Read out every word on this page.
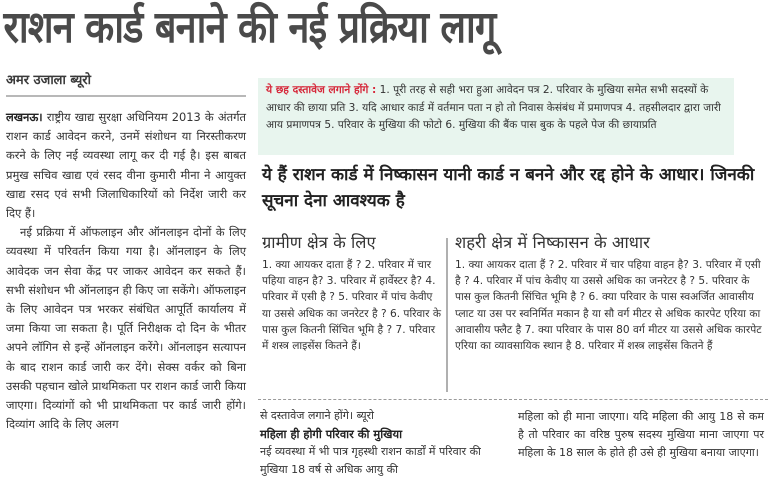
राशन कार्ड बनाने की नई प्रक्रिया लागू
अमर उजाला ब्यूरो

लखनऊ। राष्ट्रीय खाद्य सुरक्षा अधिनियम 2013 के अंतर्गत राशन कार्ड आवेदन करने, उनमें संशोधन या निरस्तीकरण करने के लिए नई व्यवस्था लागू कर दी गई है। इस बाबत प्रमुख सचिव खाद्य एवं रसद वीना कुमारी मीना ने आयुक्त खाद्य रसद एवं सभी जिलाधिकारियों को निर्देश जारी कर दिए हैं।

नई प्रक्रिया में ऑफलाइन और ऑनलाइन दोनों के लिए व्यवस्था में परिवर्तन किया गया है। ऑनलाइन के लिए आवेदक जन सेवा केंद्र पर जाकर आवेदन कर सकते हैं। सभी संशोधन भी ऑनलाइन ही किए जा सकेंगे। ऑफलाइन के लिए आवेदन पत्र भरकर संबंधित आपूर्ति कार्यालय में जमा किया जा सकता है। पूर्ति निरीक्षक दो दिन के भीतर अपने लॉगिन से इन्हें ऑनलाइन करेंगे। ऑनलाइन सत्यापन के बाद राशन कार्ड जारी कर देंगे। सेक्स वर्कर को बिना उसकी पहचान खोले प्राथमिकता पर राशन कार्ड जारी किया जाएगा। दिव्यांगों को भी प्राथमिकता पर कार्ड जारी होंगे। दिव्यांग आदि के लिए अलग

ये छह दस्तावेज लगाने होंगे : 1. पूरी तरह से सही भरा हुआ आवेदन पत्र 2. परिवार के मुखिया समेत सभी सदस्यों के आधार की छाया प्रति 3. यदि आधार कार्ड में वर्तमान पता न हो तो निवास केसंबंध में प्रमाणपत्र 4. तहसीलदार द्वारा जारी आय प्रमाणपत्र 5. परिवार के मुखिया की फोटो 6. मुखिया की बैंक पास बुक के पहले पेज की छायाप्रति
ये हैं राशन कार्ड में निष्कासन यानी कार्ड न बनने और रद्द होने के आधार। जिनकी सूचना देना आवश्यक है
ग्रामीण क्षेत्र के लिए
1. क्या आयकर दाता हैं ? 2. परिवार में चार पहिया वाहन है? 3. परिवार में हार्वेस्टर है? 4. परिवार में एसी है ? 5. परिवार में पांच केवीए या उससे अधिक का जनरेटर है ? 6. परिवार के पास कुल कितनी सिंचित भूमि है ? 7. परिवार में शस्त्र लाइसेंस कितने हैं।
शहरी क्षेत्र में निष्कासन के आधार
1. क्या आयकर दाता हैं ? 2. परिवार में चार पहिया वाहन है? 3. परिवार में एसी है ? 4. परिवार में पांच केवीए या उससे अधिक का जनरेटर है ? 5. परिवार के पास कुल कितनी सिंचित भूमि है ? 6. क्या परिवार के पास स्वअर्जित आवासीय प्लाट या उस पर स्वनिर्मित मकान है या सौ वर्ग मीटर से अधिक कारपेट एरिया का आवासीय फ्लैट है 7. क्या परिवार के पास 80 वर्ग मीटर या उससे अधिक कारपेट एरिया का व्यावसायिक स्थान है 8. परिवार में शस्त्र लाइसेंस कितने हैं
से दस्तावेज लगाने होंगे। ब्यूरो
महिला ही होगी परिवार की मुखिया
नई व्यवस्था में भी पात्र गृहस्थी राशन कार्डों में परिवार की मुखिया 18 वर्ष से अधिक आयु की
महिला को ही माना जाएगा। यदि महिला की आयु 18 से कम है तो परिवार का वरिष्ठ पुरुष सदस्य मुखिया माना जाएगा पर महिला के 18 साल के होते ही उसे ही मुखिया बनाया जाएगा।
